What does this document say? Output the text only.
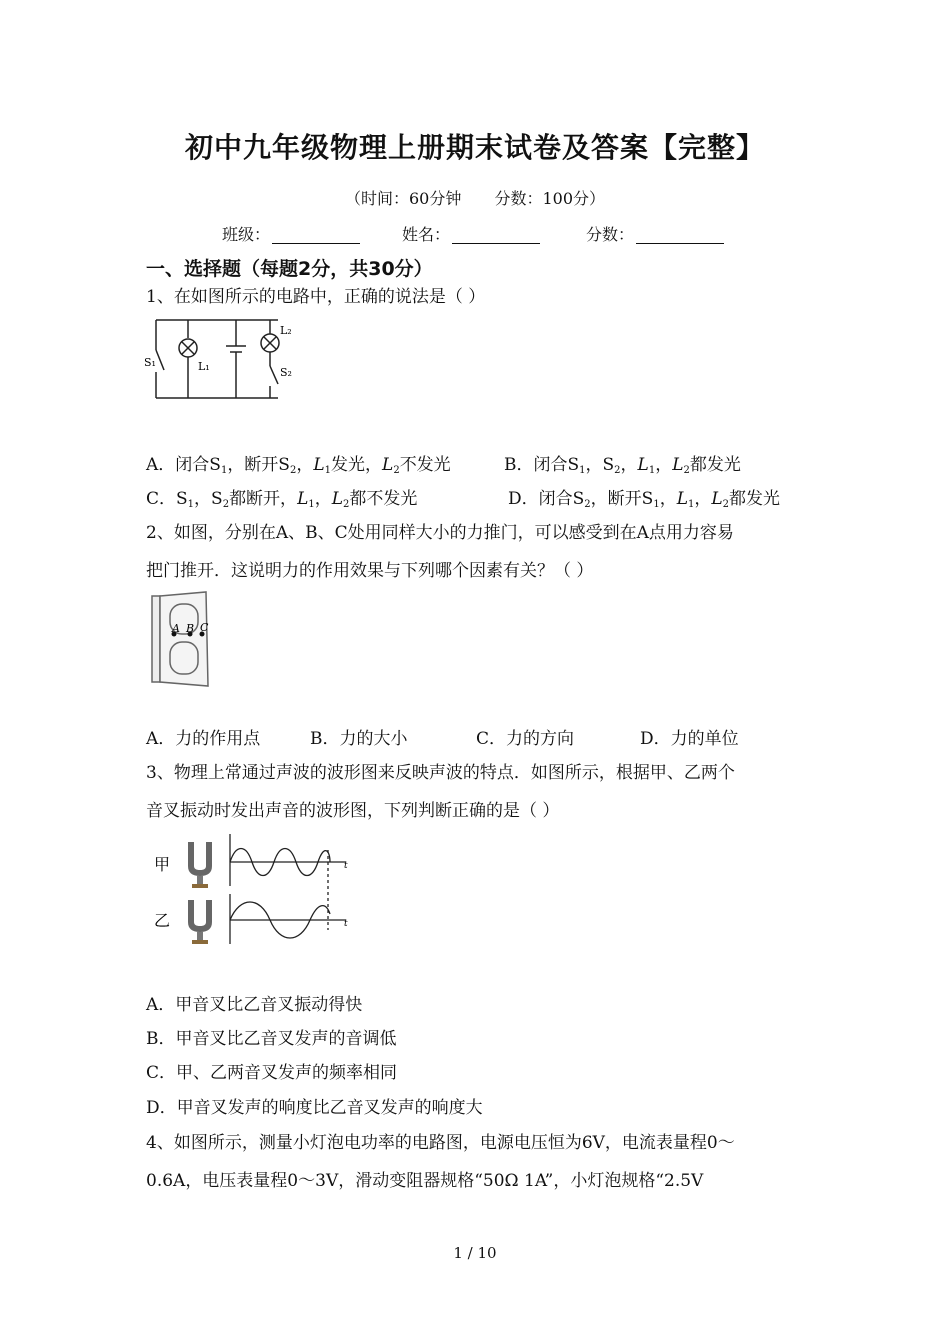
初中九年级物理上册期末试卷及答案【完整】
（时间：60分钟 分数：100分）
班级：	姓名：	分数：
一、选择题（每题2分，共30分）
1、在如图所示的电路中，正确的说法是（ ）
S₁	L₁
L₂
S₂
A．闭合$S_1$，断开$S_2$，$L_1$发光，$L_2$不发光	B．闭合$S_1$，$S_2$，$L_1$，$L_2$都发光
C．$S_1$，$S_2$都断开，$L_1$，$L_2$都不发光	D．闭合$S_2$，断开$S_1$，$L_1$，$L_2$都发光
2、如图，分别在A、B、C处用同样大小的力推门，可以感受到在A点用力容易
把门推开．这说明力的作用效果与下列哪个因素有关？（ ）
A B C
A．力的作用点	B．力的大小	C．力的方向	D．力的单位
3、物理上常通过声波的波形图来反映声波的特点．如图所示，根据甲、乙两个
音叉振动时发出声音的波形图，下列判断正确的是（ ）
甲
乙
t
t
A．甲音叉比乙音叉振动得快
B．甲音叉比乙音叉发声的音调低
C．甲、乙两音叉发声的频率相同
D．甲音叉发声的响度比乙音叉发声的响度大
4、如图所示，测量小灯泡电功率的电路图，电源电压恒为6V，电流表量程0～
0.6A，电压表量程0～3V，滑动变阻器规格“50Ω 1A”，小灯泡规格“2.5V
1 / 10
